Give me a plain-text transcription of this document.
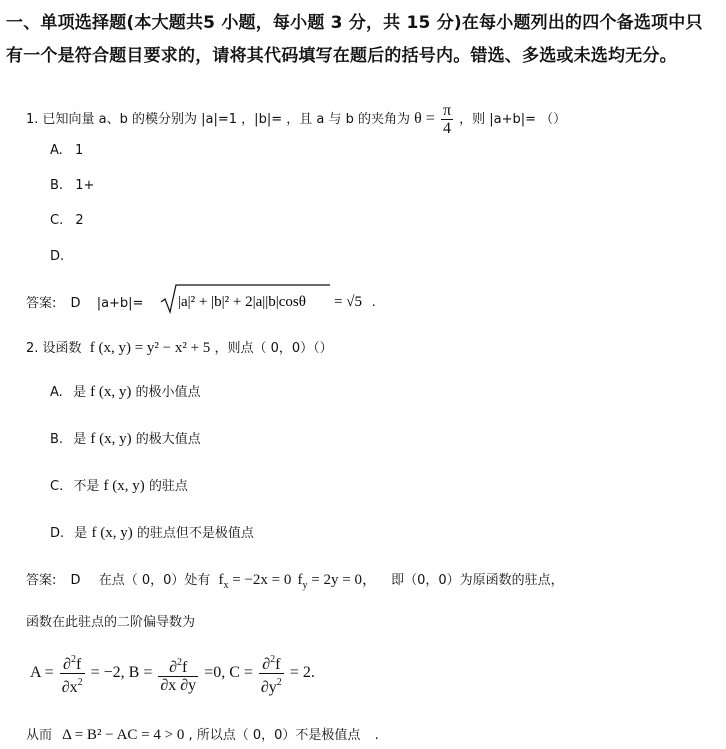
一、单项选择题(本大题共5 小题，每小题 3 分，共 15 分)在每小题列出的四个备选项中只
有一个是符合题目要求的，请将其代码填写在题后的括号内。错选、多选或未选均无分。
1. 已知向量 a、b 的模分别为 |a|=1 ，|b|= ，且 a 与 b 的夹角为 $\theta = \frac{\pi}{4}$ ，则 |a+b|= （）
A. 1
B. 1+
C. 2
D.
答案: D |a+b|= |a|² + |b|² + 2|a||b|cosθ = √5 .
2. 设函数 f (x, y) = y² − x² + 5 ，则点（ 0，0）（）
A. 是 f (x, y) 的极小值点
B. 是 f (x, y) 的极大值点
C. 不是 f (x, y) 的驻点
D. 是 f (x, y) 的驻点但不是极值点
答案: D 在点（ 0，0）处有 $f_x = -2x = 0$ $f_y = 2y = 0$， 即（0，0）为原函数的驻点，
函数在此驻点的二阶偏导数为
$A = \frac{\partial^2f}{\partial x^2} = -2$, $B = \frac{\partial^2f}{\partial x \partial y} =0$, $C = \frac{\partial^2f}{\partial y^2} = 2$.
从而 Δ = B² − AC = 4 > 0 , 所以点（ 0，0）不是极值点 .
